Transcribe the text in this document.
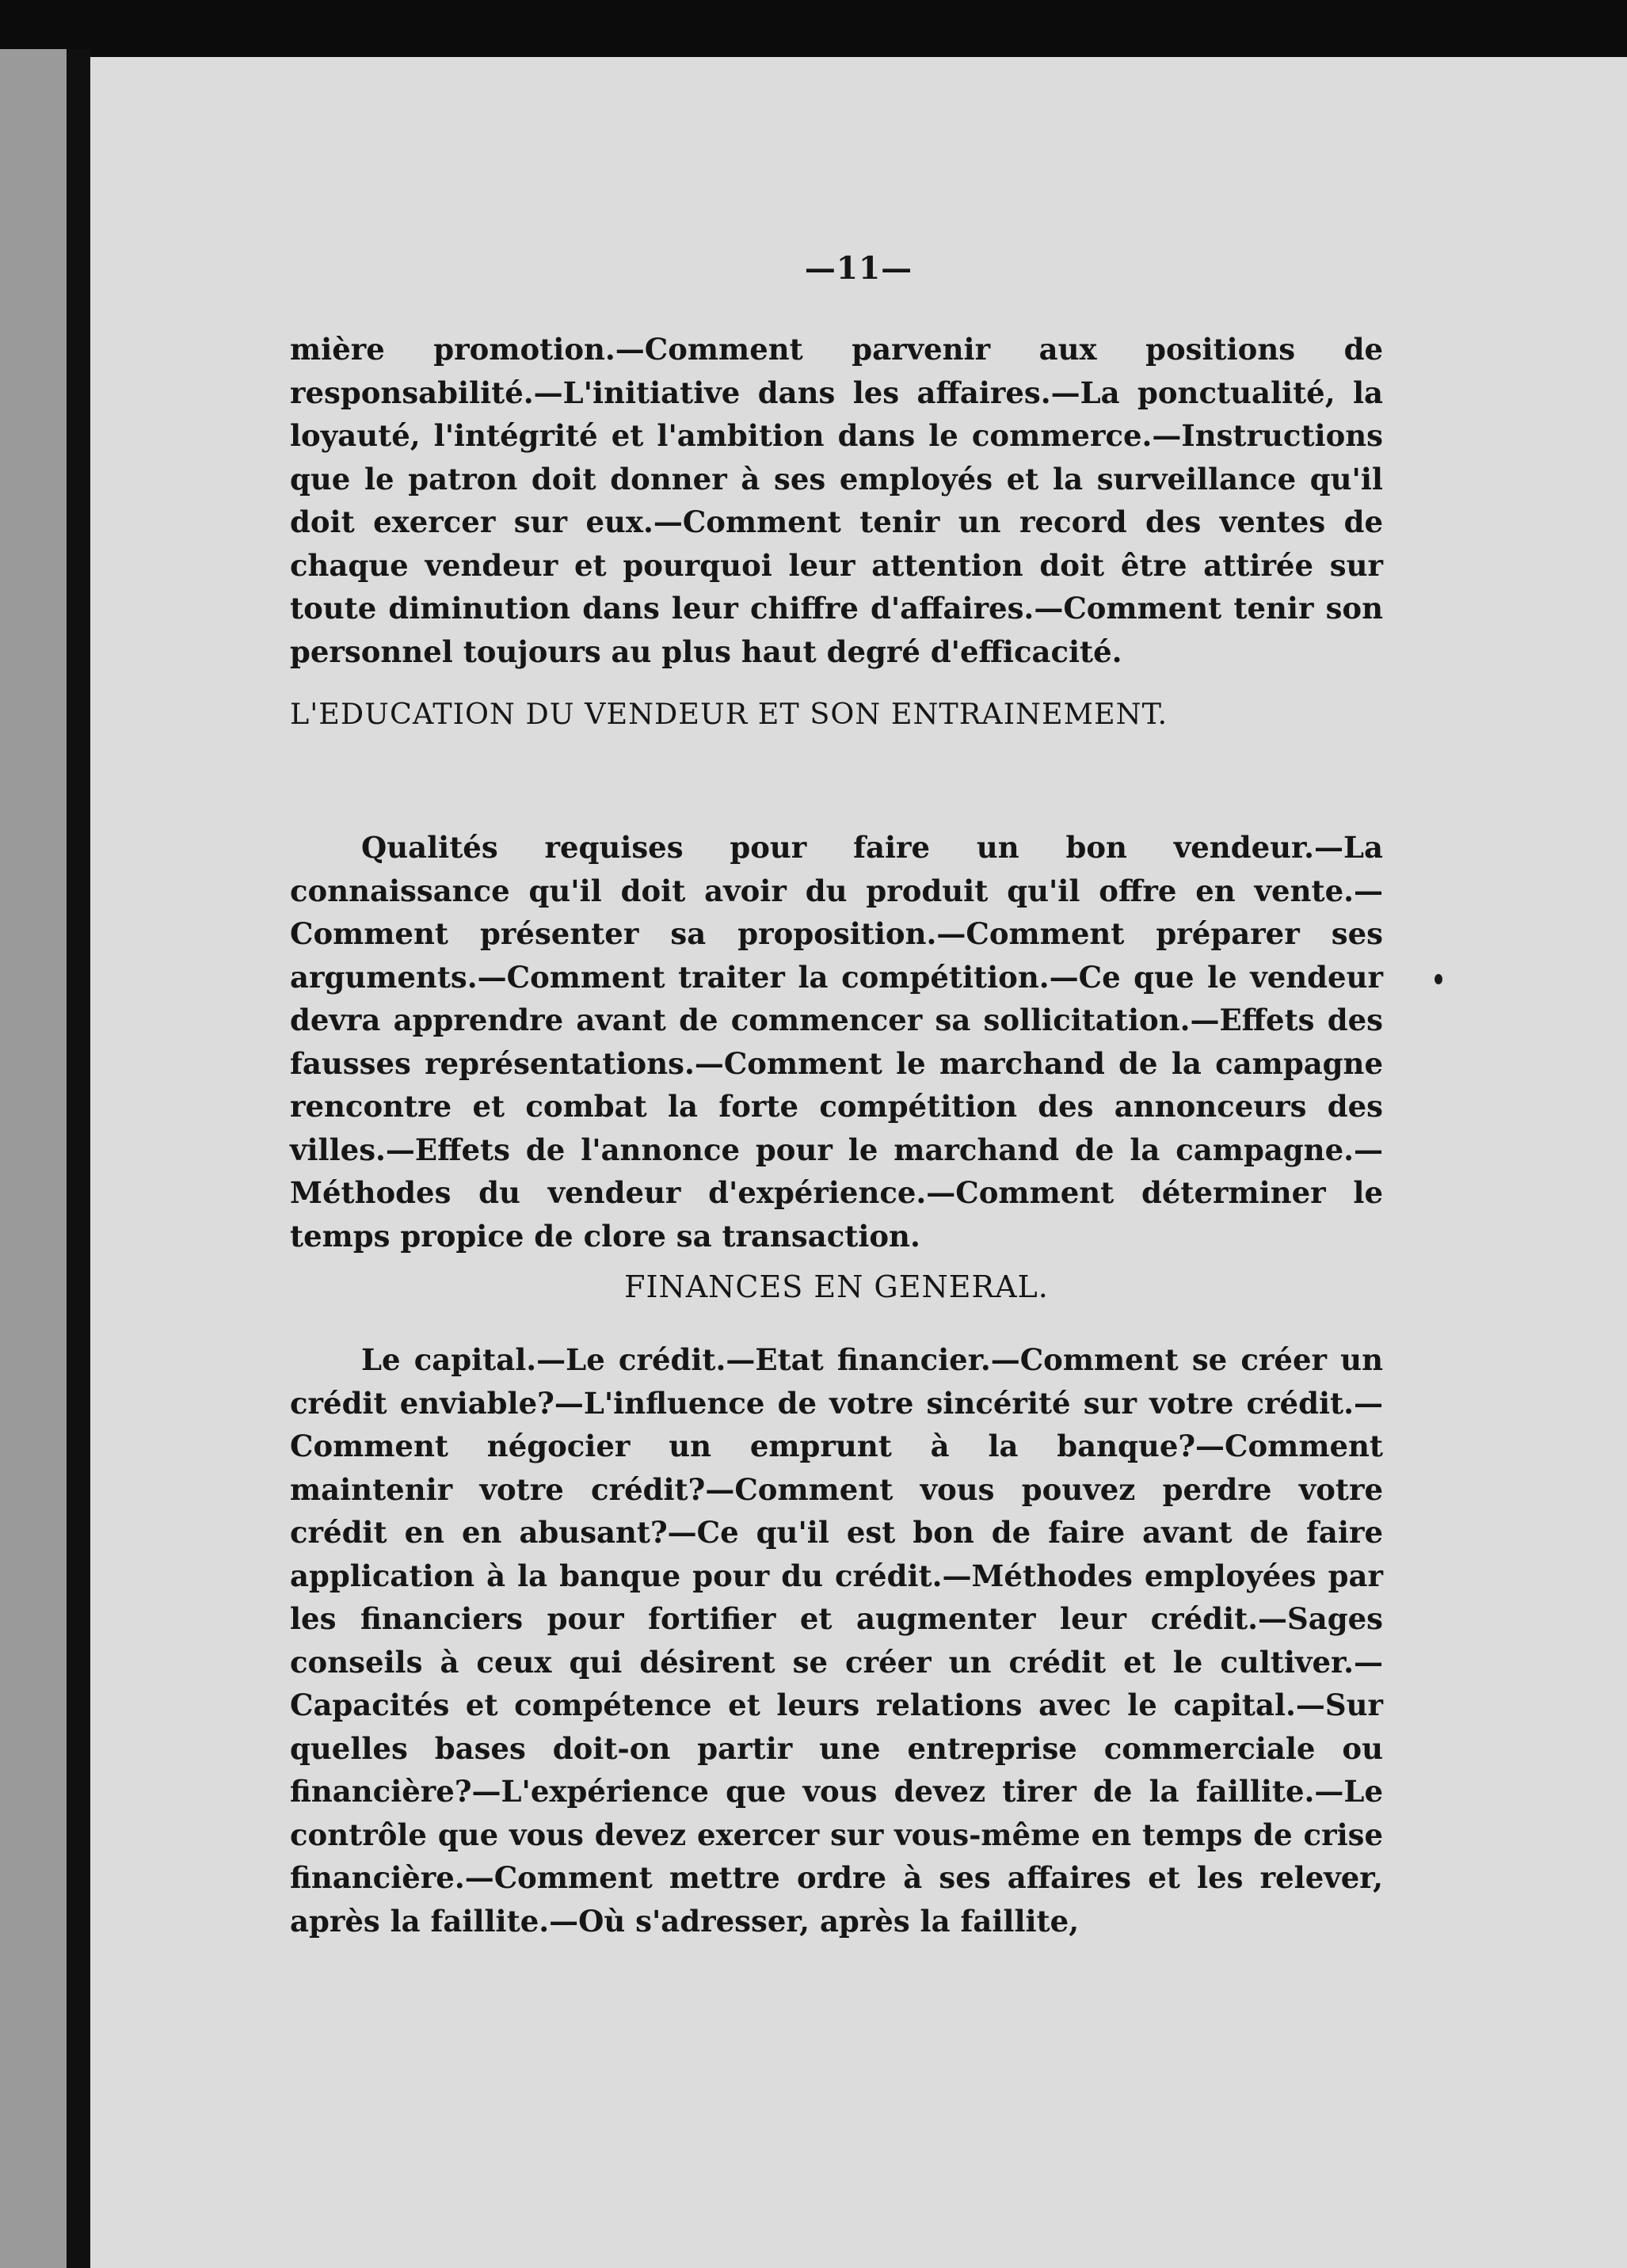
—11—

mière promotion.—Comment parvenir aux positions de responsabilité.—L'initiative dans les affaires.—La ponctualité, la loyauté, l'intégrité et l'ambition dans le commerce.—Instructions que le patron doit donner à ses employés et la surveillance qu'il doit exercer sur eux.—Comment tenir un record des ventes de chaque vendeur et pourquoi leur attention doit être attirée sur toute diminution dans leur chiffre d'affaires.—Comment tenir son personnel toujours au plus haut degré d'efficacité.

L'EDUCATION DU VENDEUR ET SON ENTRAINEMENT.

Qualités requises pour faire un bon vendeur.—La connaissance qu'il doit avoir du produit qu'il offre en vente.—Comment présenter sa proposition.—Comment préparer ses arguments.—Comment traiter la compétition.—Ce que le vendeur devra apprendre avant de commencer sa sollicitation.—Effets des fausses représentations.—Comment le marchand de la campagne rencontre et combat la forte compétition des annonceurs des villes.—Effets de l'annonce pour le marchand de la campagne.—Méthodes du vendeur d'expérience.—Comment déterminer le temps propice de clore sa transaction.

FINANCES EN GENERAL.

Le capital.—Le crédit.—Etat financier.—Comment se créer un crédit enviable?—L'influence de votre sincérité sur votre crédit.—Comment négocier un emprunt à la banque?—Comment maintenir votre crédit?—Comment vous pouvez perdre votre crédit en en abusant?—Ce qu'il est bon de faire avant de faire application à la banque pour du crédit.—Méthodes employées par les financiers pour fortifier et augmenter leur crédit.—Sages conseils à ceux qui désirent se créer un crédit et le cultiver.—Capacités et compétence et leurs relations avec le capital.—Sur quelles bases doit-on partir une entreprise commerciale ou financière?—L'expérience que vous devez tirer de la faillite.—Le contrôle que vous devez exercer sur vous-même en temps de crise financière.—Comment mettre ordre à ses affaires et les relever, après la faillite.—Où s'adresser, après la faillite,
